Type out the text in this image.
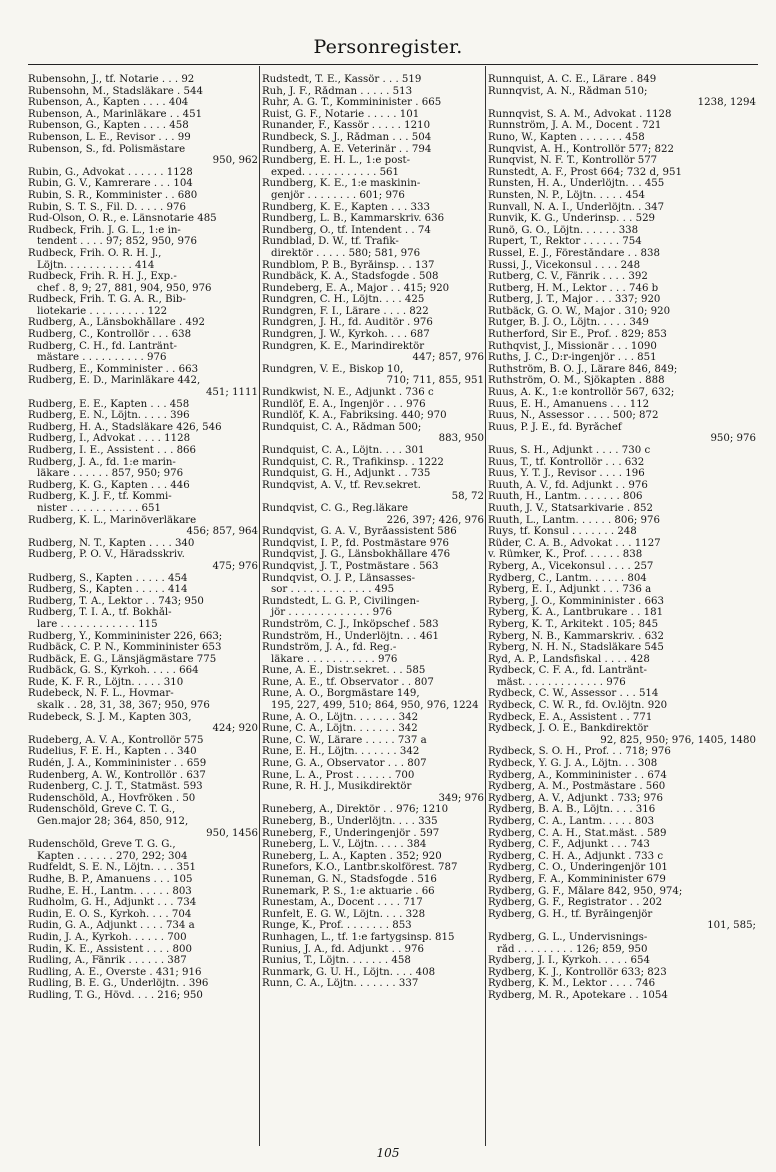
Personregister.
Rubensohn, J., tf. Notarie . . . 92
Rubensohn, M., Stadsläkare . 544
Rubenson, A., Kapten . . . . 404
Rubenson, A., Marinläkare . . 451
Rubenson, G., Kapten . . . . 458
Rubenson, L. E., Revisor . . . 99
Rubenson, S., fd. Polismästare
950, 962
Rubin, G., Advokat . . . . . . 1128
Rubin, G. V., Kamrerare . . . 104
Rubin, S. R., Komminister . . 680
Rubin, S. T. S., Fil. D. . . . . 976
Rud-Olson, O. R., e. Länsnotarie 485
Rudbeck, Frih. J. G. L., 1:e in-
tendent . . . . 97; 852, 950, 976
Rudbeck, Frih. O. R. H. J.,
Löjtn. . . . . . . . . . . 414
Rudbeck, Frih. R. H. J., Exp.-
chef . 8, 9; 27, 881, 904, 950, 976
Rudbeck, Frih. T. G. A. R., Bib-
liotekarie . . . . . . . . . 122
Rudberg, A., Länsbokhållare . 492
Rudberg, C., Kontrollör . . . 638
Rudberg, C. H., fd. Lantränt-
mästare . . . . . . . . . . 976
Rudberg, E., Komminister . . 663
Rudberg, E. D., Marinläkare 442,
451; 1111
Rudberg, E. E., Kapten . . . 458
Rudberg, E. N., Löjtn. . . . . 396
Rudberg, H. A., Stadsläkare 426, 546
Rudberg, I., Advokat . . . . 1128
Rudberg, I. E., Assistent . . . 866
Rudberg, J. A., fd. 1:e marin-
läkare . . . . . . 857, 950; 976
Rudberg, K. G., Kapten . . . 446
Rudberg, K. J. F., tf. Kommi-
nister . . . . . . . . . . . 651
Rudberg, K. L., Marinöverläkare
456; 857, 964
Rudberg, N. T., Kapten . . . . 340
Rudberg, P. O. V., Häradsskriv.
475; 976
Rudberg, S., Kapten . . . . . 454
Rudberg, S., Kapten . . . . . 414
Rudberg, T. A., Lektor . . 743; 950
Rudberg, T. I. A., tf. Bokhål-
lare . . . . . . . . . . . . 115
Rudberg, Y., Kommininister 226, 663;
Rudbäck, C. P. N., Kommininister 653
Rudbäck, E. G., Länsjägmästare 775
Rudbäck, G. S., Kyrkoh. . . . . 664
Rude, K. F. R., Löjtn. . . . . 310
Rudebeck, N. F. L., Hovmar-
skalk . . 28, 31, 38, 367; 950, 976
Rudebeck, S. J. M., Kapten 303,
424; 920
Rudeberg, A. V. A., Kontrollör 575
Rudelius, F. E. H., Kapten . . 340
Rudén, J. A., Kommininister . . 659
Rudenberg, A. W., Kontrollör . 637
Rudenberg, C. J. T., Statmäst. 593
Rudenschöld, A., Hovfröken . 50
Rudenschöld, Greve C. T. G.,
Gen.major 28; 364, 850, 912,
950, 1456
Rudenschöld, Greve T. G. G.,
Kapten . . . . . . 270, 292; 304
Rudfeldt, S. E. N., Löjtn. . . . 351
Rudhe, B. P., Amanuens . . . 105
Rudhe, E. H., Lantm. . . . . . 803
Rudholm, G. H., Adjunkt . . . 734
Rudin, E. O. S., Kyrkoh. . . . 704
Rudin, G. A., Adjunkt . . . . 734 a
Rudin, J. A., Kyrkoh. . . . . . 700
Rudin, K. E., Assistent . . . . 800
Rudling, A., Fänrik . . . . . . 387
Rudling, A. E., Överste . 431; 916
Rudling, B. E. G., Underlöjtn. . 396
Rudling, T. G., Hövd. . . . 216; 950
Rudstedt, T. E., Kassör . . . 519
Ruh, J. F., Rådman . . . . . 513
Ruhr, A. G. T., Kommininister . 665
Ruist, G. F., Notarie . . . . . 101
Runander, F., Kassör . . . . . 1210
Rundbeck, S. J., Rådman . . . 504
Rundberg, A. E. Veterinär . . 794
Rundberg, E. H. L., 1:e post-
exped. . . . . . . . . . . . 561
Rundberg, K. E., 1:e maskinin-
genjör . . . . . . . . 601; 976
Rundberg, K. E., Kapten . . . 333
Rundberg, L. B., Kammarskriv. 636
Rundberg, O., tf. Intendent . . 74
Rundblad, D. W., tf. Trafik-
direktör . . . . . 580; 581, 976
Rundblom, P. B., Byråinsp. . . 137
Rundbäck, K. A., Stadsfogde . 508
Rundeberg, E. A., Major . . 415; 920
Rundgren, C. H., Löjtn. . . . 425
Rundgren, F. I., Lärare . . . . 822
Rundgren, J. H., fd. Auditör . 976
Rundgren, J. W., Kyrkoh. . . . 687
Rundgren, K. E., Marindirektör
447; 857, 976
Rundgren, V. E., Biskop 10,
710; 711, 855, 951
Rundkwist, N. E., Adjunkt . 736 c
Rundlöf, E. A., Ingenjör . . . 976
Rundlöf, K. A., Fabriksing. 440; 970
Rundquist, C. A., Rådman 500;
883, 950
Rundquist, C. A., Löjtn. . . . 301
Rundquist, C. R., Trafikinsp. . 1222
Rundquist, G. H., Adjunkt . . 735
Rundqvist, A. V., tf. Rev.sekret.
58, 72
Rundqvist, C. G., Reg.läkare
226, 397; 426, 976
Rundqvist, G. A. V., Byråassistent 586
Rundqvist, I. P., fd. Postmästare 976
Rundqvist, J. G., Länsbokhållare 476
Rundqvist, J. T., Postmästare . 563
Rundqvist, O. J. P., Länsasses-
sor . . . . . . . . . . . . . 495
Rundstedt, L. G. P., Civilingen-
jör . . . . . . . . . . . . . 976
Rundström, C. J., Inköpschef . 583
Rundström, H., Underlöjtn. . . 461
Rundström, J. A., fd. Reg.-
läkare . . . . . . . . . . . 976
Rune, A. E., Distr.sekret. . . 585
Rune, A. E., tf. Observator . . 807
Rune, A. O., Borgmästare 149,
195, 227, 499, 510; 864, 950, 976, 1224
Rune, A. O., Löjtn. . . . . . . 342
Rune, C. A., Löjtn. . . . . . . 342
Rune, C. W., Lärare . . . . . 737 a
Rune, E. H., Löjtn. . . . . . . 342
Rune, G. A., Observator . . . 807
Rune, L. A., Prost . . . . . . 700
Rune, R. H. J., Musikdirektör
349; 976
Runeberg, A., Direktör . . 976; 1210
Runeberg, B., Underlöjtn. . . . 335
Runeberg, F., Underingenjör . 597
Runeberg, L. V., Löjtn. . . . . 384
Runeberg, L. A., Kapten . 352; 920
Runefors, K.O., Lantbr.skolförest. 787
Runeman, G. N., Stadsfogde . 516
Runemark, P. S., 1:e aktuarie . 66
Runestam, A., Docent . . . . 717
Runfelt, E. G. W., Löjtn. . . . 328
Runge, K., Prof. . . . . . . . 853
Runhagen, L., tf. 1:e fartygsinsp. 815
Runius, J. A., fd. Adjunkt . . 976
Runius, T., Löjtn. . . . . . . 458
Runmark, G. U. H., Löjtn. . . . 408
Runn, C. A., Löjtn. . . . . . . 337
Runnquist, A. C. E., Lärare . 849
Runnqvist, A. N., Rådman 510;
1238, 1294
Runnqvist, S. A. M., Advokat . 1128
Runnström, J. A. M., Docent . 721
Runo, W., Kapten . . . . . . . 458
Runqvist, A. H., Kontrollör 577; 822
Runqvist, N. F. T., Kontrollör 577
Runstedt, A. F., Prost 664; 732 d, 951
Runsten, H. A., Underlöjtn. . . 455
Runsten, N. P., Löjtn. . . . . 454
Runvall, N. A. I., Underlöjtn. . 347
Runvik, K. G., Underinsp. . . 529
Runö, G. O., Löjtn. . . . . . 338
Rupert, T., Rektor . . . . . . 754
Russel, E. J., Föreståndare . . 838
Russi, J., Vicekonsul . . . . 248
Rutberg, C. V., Fänrik . . . . 392
Rutberg, H. M., Lektor . . . 746 b
Rutberg, J. T., Major . . . 337; 920
Rutbäck, G. O. W., Major . 310; 920
Rutger, B. J. O., Löjtn. . . . . 349
Rutherford, Sir E., Prof. . 829; 853
Ruthqvist, J., Missionär . . . 1090
Ruths, J. C., D:r-ingenjör . . . 851
Ruthström, B. O. J., Lärare 846, 849;
Ruthström, O. M., Sjökapten . 888
Ruus, A. K., 1:e kontrollör 567, 632;
Ruus, E. H., Amanuens . . . 112
Ruus, N., Assessor . . . . 500; 872
Ruus, P. J. E., fd. Byråchef
950; 976
Ruus, S. H., Adjunkt . . . . 730 c
Ruus, T., tf. Kontrollör . . . 632
Ruus, Y. T. J., Revisor . . . . 196
Ruuth, A. V., fd. Adjunkt . . 976
Ruuth, H., Lantm. . . . . . . 806
Ruuth, J. V., Statsarkivarie . 852
Ruuth, L., Lantm. . . . . . 806; 976
Ruys, tf. Konsul . . . . . . . 248
Rüder, C. A. B., Advokat . . . 1127
v. Rümker, K., Prof. . . . . . 838
Ryberg, A., Vicekonsul . . . . 257
Rydberg, C., Lantm. . . . . . 804
Ryberg, E. I., Adjunkt . . . 736 a
Ryberg, J. O., Kommininister . 663
Ryberg, K. A., Lantbrukare . . 181
Ryberg, K. T., Arkitekt . 105; 845
Ryberg, N. B., Kammarskriv. . 632
Ryberg, N. H. N., Stadsläkare 545
Ryd, A. P., Landsfiskal . . . . 428
Rydbeck, C. F. A., fd. Lantränt-
mäst. . . . . . . . . . . . . 976
Rydbeck, C. W., Assessor . . . 514
Rydbeck, C. W. R., fd. Öv.löjtn. 920
Rydbeck, E. A., Assistent . . 771
Rydbeck, J. O. E., Bankdirektör
92, 825, 950; 976, 1405, 1480
Rydbeck, S. O. H., Prof. . . 718; 976
Rydbeck, Y. G. J. A., Löjtn. . . 308
Rydberg, A., Kommininister . . 674
Rydberg, A. M., Postmästare . 560
Rydberg, A. V., Adjunkt . 733; 976
Rydberg, B. A. B., Löjtn. . . . 316
Rydberg, C. A., Lantm. . . . . 803
Rydberg, C. A. H., Stat.mäst. . 589
Rydberg, C. F., Adjunkt . . . 743
Rydberg, C. H. A., Adjunkt . 733 c
Rydberg, C. O., Underingenjör 101
Rydberg, F. A., Kommininister 679
Rydberg, G. F., Målare 842, 950, 974;
Rydberg, G. F., Registrator . . 202
Rydberg, G. H., tf. Byråingenjör
101, 585;
Rydberg, G. L., Undervisnings-
råd . . . . . . . . . 126; 859, 950
Rydberg, J. I., Kyrkoh. . . . . 654
Rydberg, K. J., Kontrollör 633; 823
Rydberg, K. M., Lektor . . . . 746
Rydberg, M. R., Apotekare . . 1054
105
